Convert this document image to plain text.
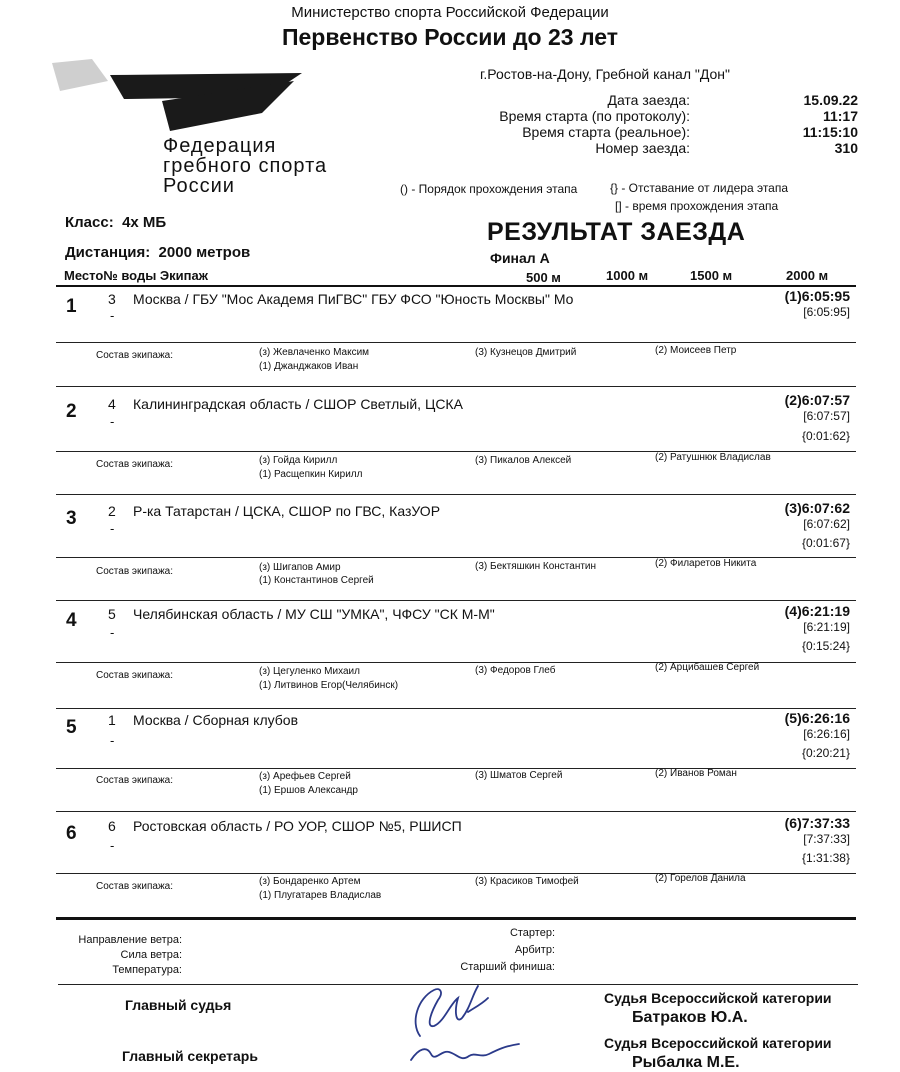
Министерство спорта Российской Федерации
Первенство России до 23 лет
Федерация
гребного спорта
России
г.Ростов-на-Дону, Гребной канал "Дон"
Дата заезда:	15.09.22
Время старта (по протоколу):	11:17
Время старта (реальное):	11:15:10
Номер заезда:	310
() - Порядок прохождения этапа	{} - Отставание от лидера этапа
[] - время прохождения этапа
Класс: 4х МБ
Дистанция: 2000 метров
РЕЗУЛЬТАТ ЗАЕЗДА
Финал А
Место№ воды Экипаж	500 м	1000 м	1500 м	2000 м
1 3 Москва / ГБУ "Мос Академя ПиГВС" ГБУ ФСО "Юность Москвы" Мо
-
(1)6:05:95
[6:05:95]
Состав экипажа:	(з) Жевлаченко Максим	(3) Кузнецов Дмитрий	(2) Моисеев Петр
(1) Джанджаков Иван
2 4 Калининградская область / СШОР Светлый, ЦСКА
-
(2)6:07:57
[6:07:57]
{0:01:62}
Состав экипажа:	(з) Гойда Кирилл	(3) Пикалов Алексей	(2) Ратушнюк Владислав
(1) Расщепкин Кирилл
3 2 Р-ка Татарстан / ЦСКА, СШОР по ГВС, КазУОР
-
(3)6:07:62
[6:07:62]
{0:01:67}
Состав экипажа:	(з) Шигапов Амир	(3) Бектяшкин Константин	(2) Филаретов Никита
(1) Константинов Сергей
4 5 Челябинская область / МУ СШ "УМКА", ЧФСУ "СК М-М"
-
(4)6:21:19
[6:21:19]
{0:15:24}
Состав экипажа:	(з) Цегуленко Михаил	(3) Федоров Глеб	(2) Арцибашев Сергей
(1) Литвинов Егор(Челябинск)
5 1 Москва / Сборная клубов
-
(5)6:26:16
[6:26:16]
{0:20:21}
Состав экипажа:	(з) Арефьев Сергей	(3) Шматов Сергей	(2) Иванов Роман
(1) Ершов Александр
6 6 Ростовская область / РО УОР, СШОР №5, РШИСП
-
(6)7:37:33
[7:37:33]
{1:31:38}
Состав экипажа:	(з) Бондаренко Артем	(3) Красиков Тимофей	(2) Горелов Данила
(1) Плугатарев Владислав
Направление ветра:
Сила ветра:
Температура:
Стартер:
Арбитр:
Старший финиша:
Главный судья	Судья Всероссийской категории
Батраков Ю.А.
Главный секретарь
Судья Всероссийской категории
Рыбалка М.Е.
